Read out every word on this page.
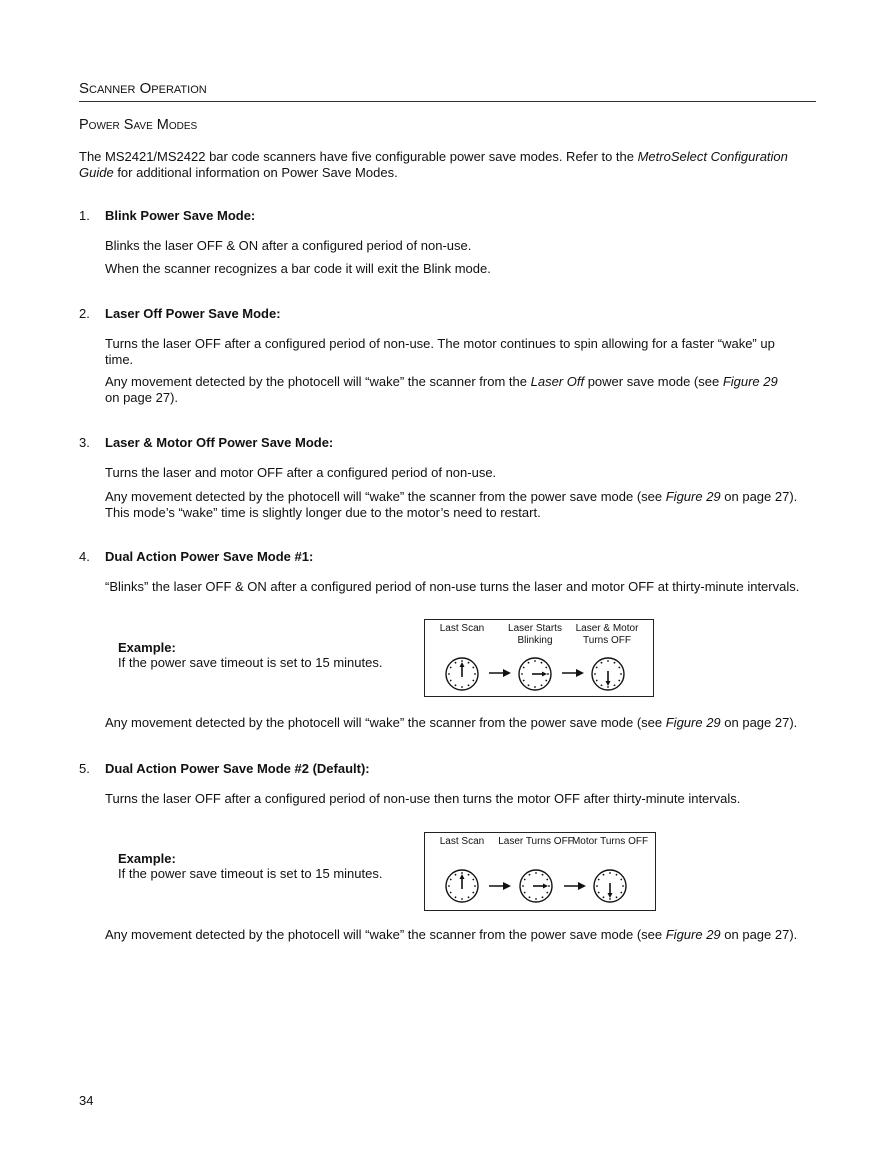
Scanner Operation
Power Save Modes
The MS2421/MS2422 bar code scanners have five configurable power save modes. Refer to the MetroSelect Configuration Guide for additional information on Power Save Modes.
1. Blink Power Save Mode:
Blinks the laser OFF & ON after a configured period of non-use.
When the scanner recognizes a bar code it will exit the Blink mode.
2. Laser Off Power Save Mode:
Turns the laser OFF after a configured period of non-use. The motor continues to spin allowing for a faster “wake” up time.
Any movement detected by the photocell will “wake” the scanner from the Laser Off power save mode (see Figure 29 on page 27).
3. Laser & Motor Off Power Save Mode:
Turns the laser and motor OFF after a configured period of non-use.
Any movement detected by the photocell will “wake” the scanner from the power save mode (see Figure 29 on page 27). This mode’s “wake” time is slightly longer due to the motor’s need to restart.
4. Dual Action Power Save Mode #1:
“Blinks” the laser OFF & ON after a configured period of non-use turns the laser and motor OFF at thirty-minute intervals.
Example:
If the power save timeout is set to 15 minutes.
Last Scan	Laser Starts Blinking
Laser & Motor Turns OFF
Any movement detected by the photocell will “wake” the scanner from the power save mode (see Figure 29 on page 27).
5. Dual Action Power Save Mode #2 (Default):
Turns the laser OFF after a configured period of non-use then turns the motor OFF after thirty-minute intervals.
Example:
If the power save timeout is set to 15 minutes.
Last Scan	Laser Turns OFF
Motor Turns OFF
Any movement detected by the photocell will “wake” the scanner from the power save mode (see Figure 29 on page 27).
34
